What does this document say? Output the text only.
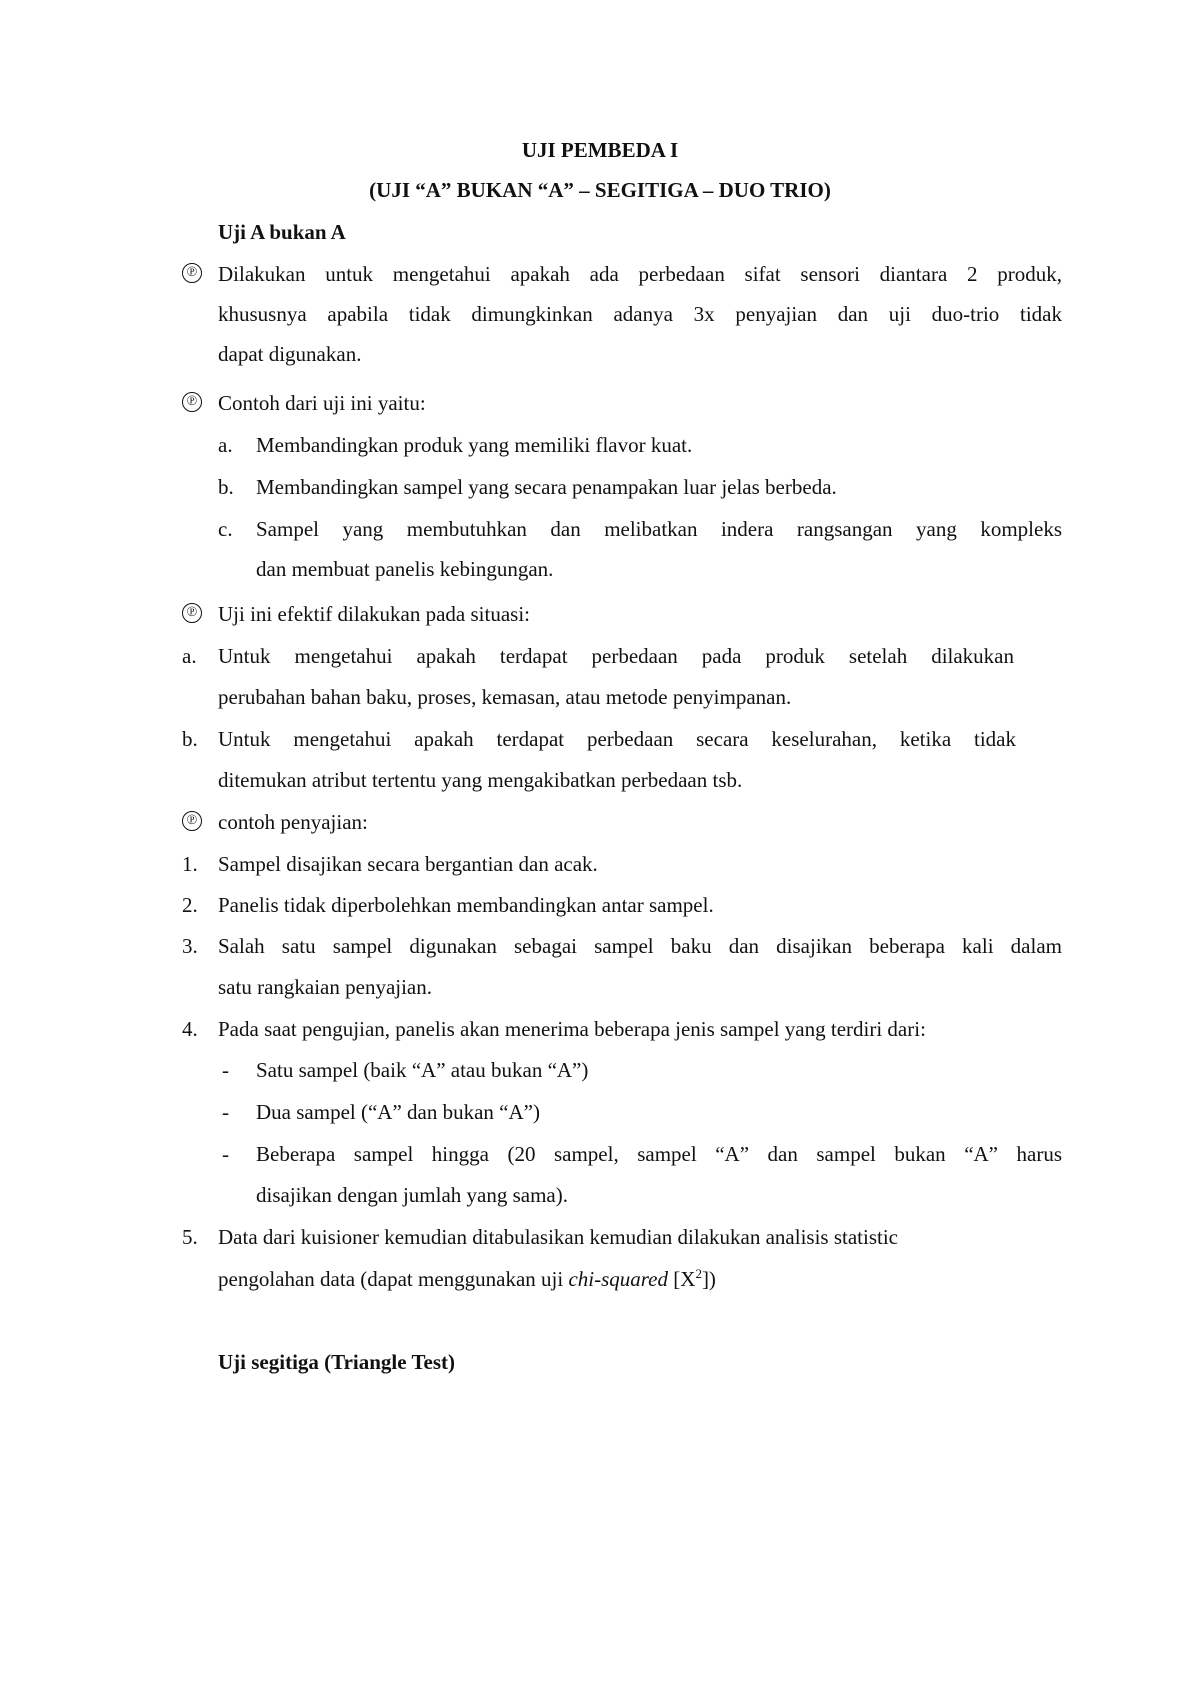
UJI PEMBEDA I
(UJI “A” BUKAN “A” – SEGITIGA – DUO TRIO)
Uji A bukan A
℗ Dilakukan untuk mengetahui apakah ada perbedaan sifat sensori diantara 2 produk,
khususnya apabila tidak dimungkinkan adanya 3x penyajian dan uji duo-trio tidak
dapat digunakan.
℗ Contoh dari uji ini yaitu:
a. Membandingkan produk yang memiliki flavor kuat.
b. Membandingkan sampel yang secara penampakan luar jelas berbeda.
c. Sampel yang membutuhkan dan melibatkan indera rangsangan yang kompleks
dan membuat panelis kebingungan.
℗ Uji ini efektif dilakukan pada situasi:
a. Untuk mengetahui apakah terdapat perbedaan pada produk setelah dilakukan
perubahan bahan baku, proses, kemasan, atau metode penyimpanan.
b. Untuk mengetahui apakah terdapat perbedaan secara keselurahan, ketika tidak
ditemukan atribut tertentu yang mengakibatkan perbedaan tsb.
℗ contoh penyajian:
1. Sampel disajikan secara bergantian dan acak.
2. Panelis tidak diperbolehkan membandingkan antar sampel.
3. Salah satu sampel digunakan sebagai sampel baku dan disajikan beberapa kali dalam
satu rangkaian penyajian.
4. Pada saat pengujian, panelis akan menerima beberapa jenis sampel yang terdiri dari:
- Satu sampel (baik “A” atau bukan “A”)
- Dua sampel (“A” dan bukan “A”)
- Beberapa sampel hingga (20 sampel, sampel “A” dan sampel bukan “A” harus
disajikan dengan jumlah yang sama).
5. Data dari kuisioner kemudian ditabulasikan kemudian dilakukan analisis statistic
pengolahan data (dapat menggunakan uji chi-squared $[X^2]$)
Uji segitiga (Triangle Test)
